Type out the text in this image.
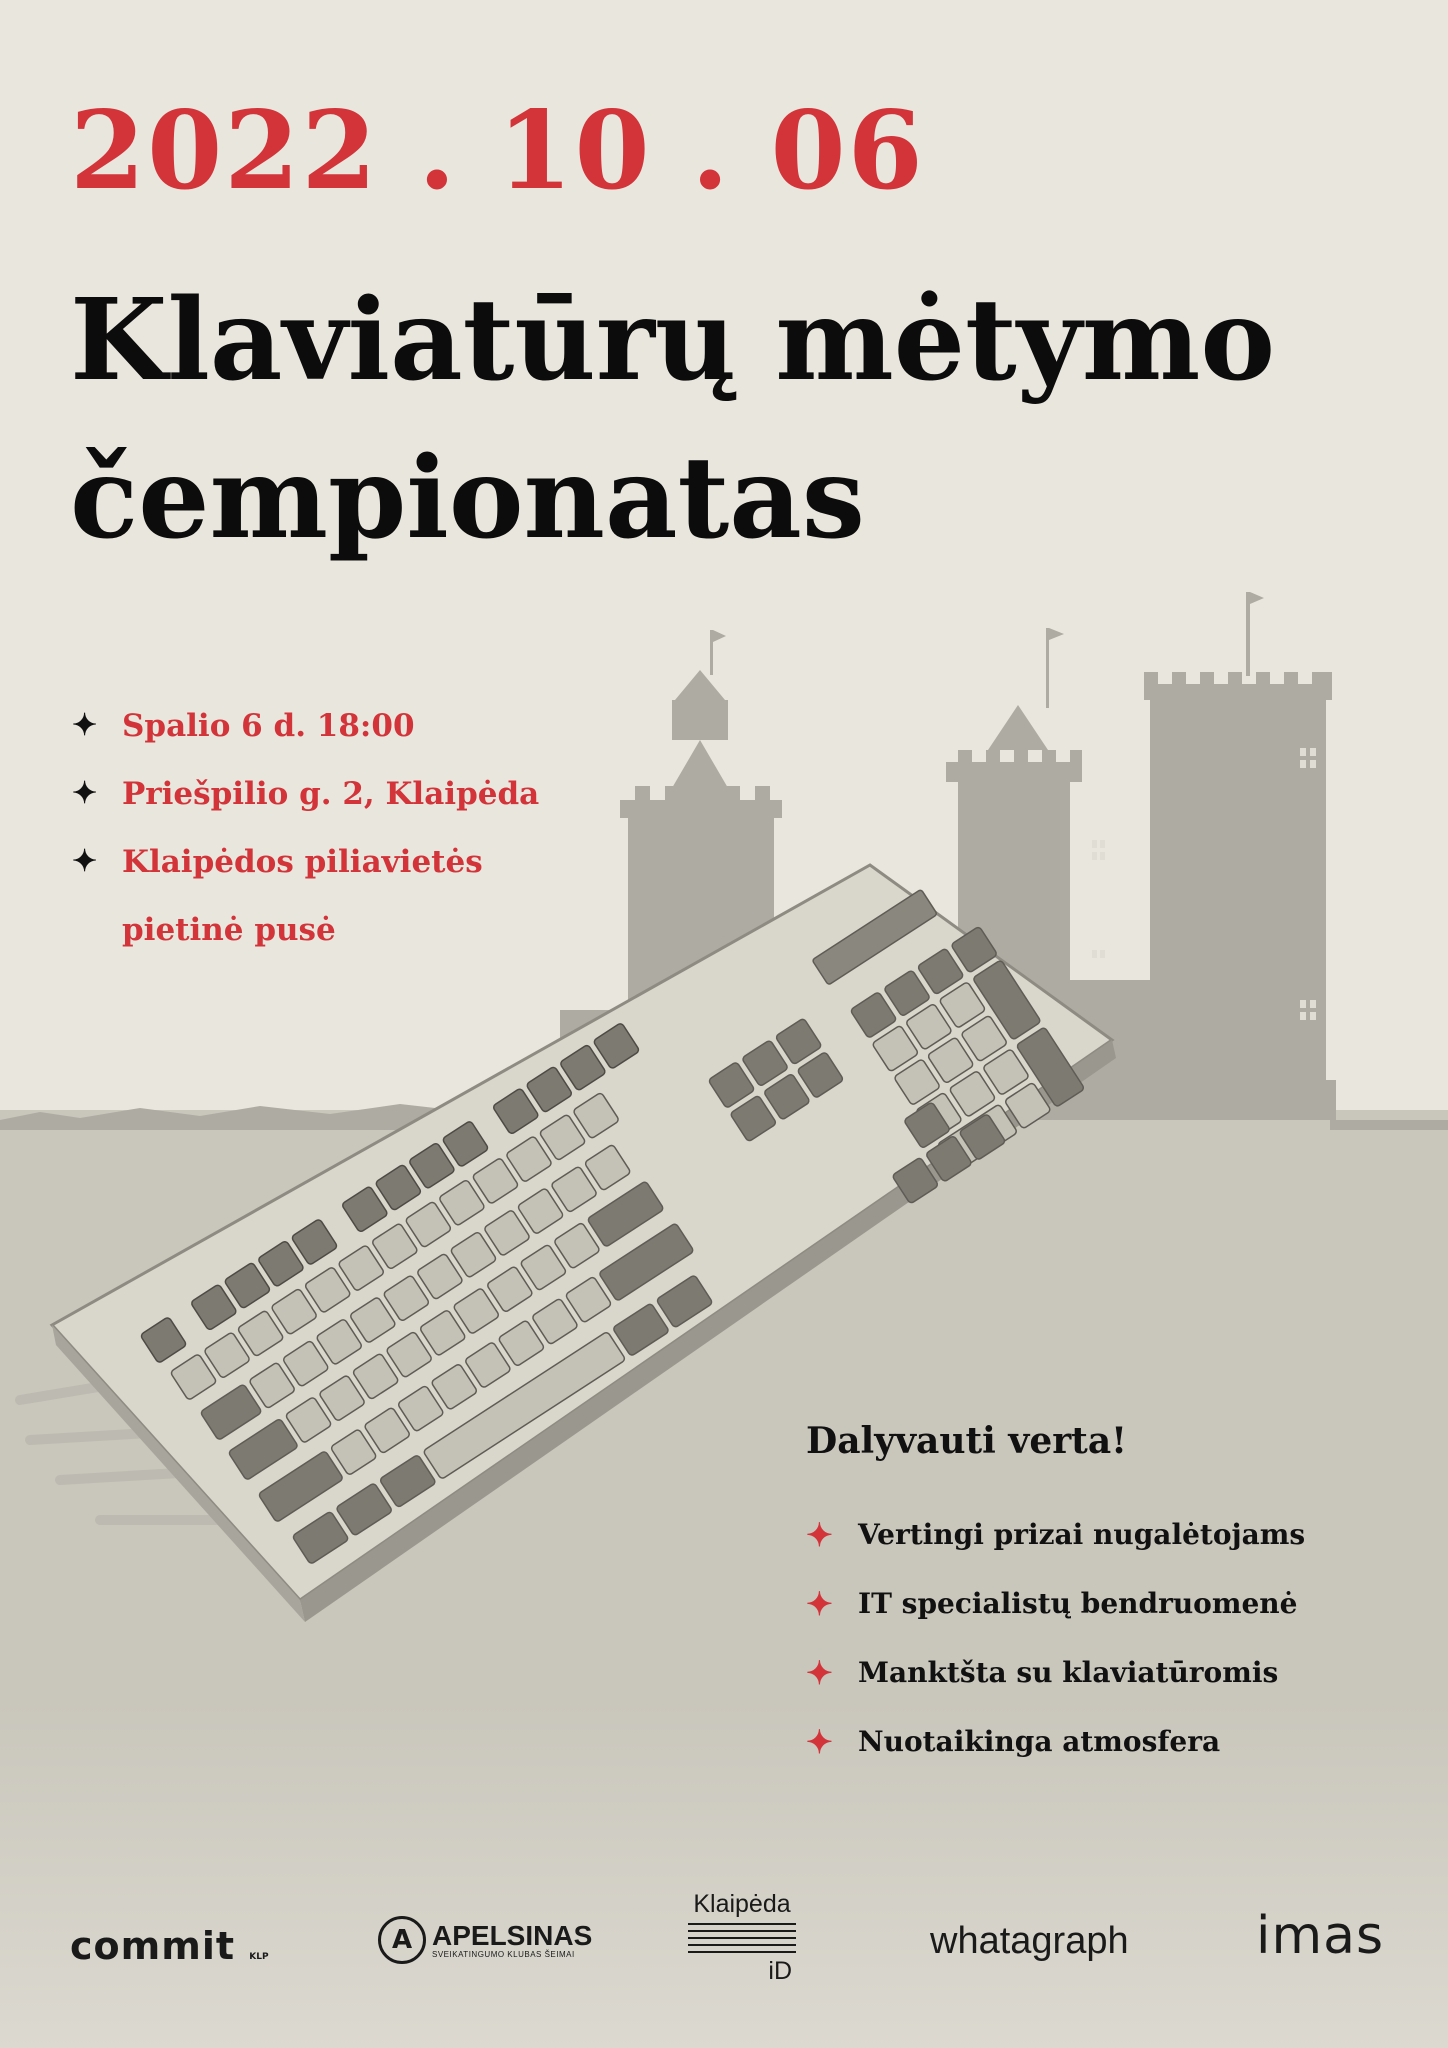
2022 . 10 . 06
Klaviatūrų mėtymo
čempionatas
✦ Spalio 6 d. 18:00
✦ Priešpilio g. 2, Klaipėda
✦ Klaipėdos piliavietės
pietinė pusė
Dalyvauti verta!
✦ Vertingi prizai nugalėtojams
✦ IT specialistų bendruomenė
✦ Manktšta su klaviatūromis
✦ Nuotaikinga atmosfera
commit KLP
A APELSINAS
SVEIKATINGUMO KLUBAS ŠEIMAI
Klaipėda
iD
whatagraph imas
